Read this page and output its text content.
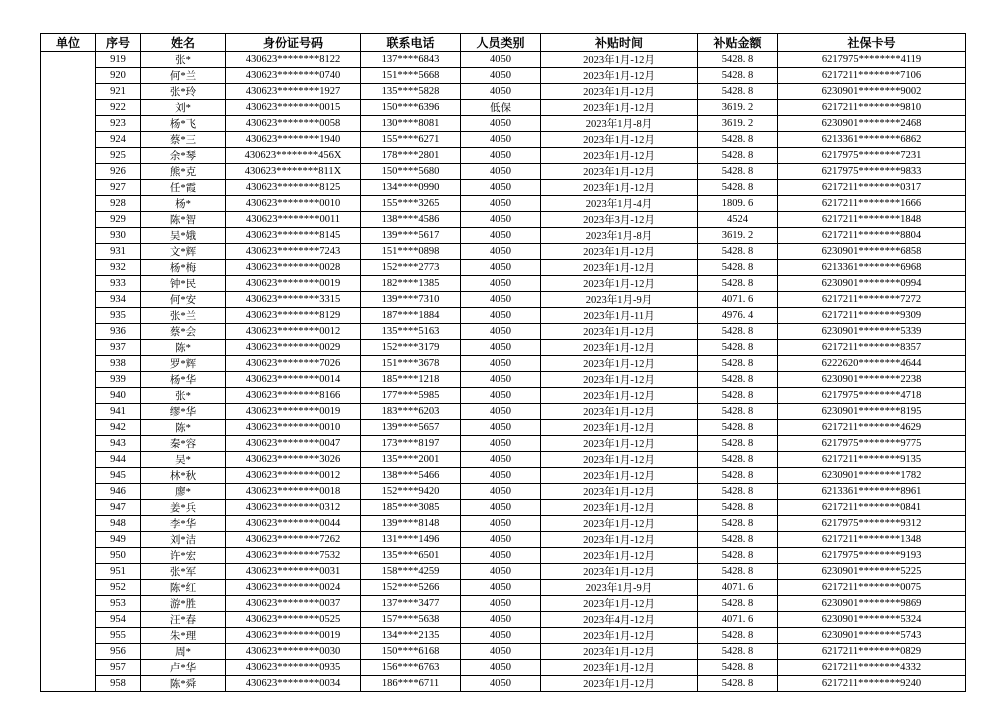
单位	序号	姓名	身份证号码	联系电话	人员类别	补贴时间	补贴金额	社保卡号
	919	张*	430623********8122	137****6843	4050	2023年1月-12月	5428. 8	6217975********4119
	920	何*兰	430623********0740	151****5668	4050	2023年1月-12月	5428. 8	6217211********7106
	921	张*玲	430623********1927	135****5828	4050	2023年1月-12月	5428. 8	6230901********9002
	922	刘*	430623********0015	150****6396	低保	2023年1月-12月	3619. 2	6217211********9810
	923	杨*飞	430623********0058	130****8081	4050	2023年1月-8月	3619. 2	6230901********2468
	924	蔡*三	430623********1940	155****6271	4050	2023年1月-12月	5428. 8	6213361********6862
	925	余*琴	430623********456X	178****2801	4050	2023年1月-12月	5428. 8	6217975********7231
	926	熊*克	430623********811X	150****5680	4050	2023年1月-12月	5428. 8	6217975********9833
	927	任*霞	430623********8125	134****0990	4050	2023年1月-12月	5428. 8	6217211********0317
	928	杨*	430623********0010	155****3265	4050	2023年1月-4月	1809. 6	6217211********1666
	929	陈*智	430623********0011	138****4586	4050	2023年3月-12月	4524	6217211********1848
	930	吴*娥	430623********8145	139****5617	4050	2023年1月-8月	3619. 2	6217211********8804
	931	文*辉	430623********7243	151****0898	4050	2023年1月-12月	5428. 8	6230901********6858
	932	杨*梅	430623********0028	152****2773	4050	2023年1月-12月	5428. 8	6213361********6968
	933	钟*民	430623********0019	182****1385	4050	2023年1月-12月	5428. 8	6230901********0994
	934	何*安	430623********3315	139****7310	4050	2023年1月-9月	4071. 6	6217211********7272
	935	张*兰	430623********8129	187****1884	4050	2023年1月-11月	4976. 4	6217211********9309
	936	蔡*会	430623********0012	135****5163	4050	2023年1月-12月	5428. 8	6230901********5339
	937	陈*	430623********0029	152****3179	4050	2023年1月-12月	5428. 8	6217211********8357
	938	罗*辉	430623********7026	151****3678	4050	2023年1月-12月	5428. 8	6222620********4644
	939	杨*华	430623********0014	185****1218	4050	2023年1月-12月	5428. 8	6230901********2238
	940	张*	430623********8166	177****5985	4050	2023年1月-12月	5428. 8	6217975********4718
	941	缪*华	430623********0019	183****6203	4050	2023年1月-12月	5428. 8	6230901********8195
	942	陈*	430623********0010	139****5657	4050	2023年1月-12月	5428. 8	6217211********4629
	943	秦*容	430623********0047	173****8197	4050	2023年1月-12月	5428. 8	6217975********9775
	944	吴*	430623********3026	135****2001	4050	2023年1月-12月	5428. 8	6217211********9135
	945	林*秋	430623********0012	138****5466	4050	2023年1月-12月	5428. 8	6230901********1782
	946	廖*	430623********0018	152****9420	4050	2023年1月-12月	5428. 8	6213361********8961
	947	姜*兵	430623********0312	185****3085	4050	2023年1月-12月	5428. 8	6217211********0841
	948	李*华	430623********0044	139****8148	4050	2023年1月-12月	5428. 8	6217975********9312
	949	刘*洁	430623********7262	131****1496	4050	2023年1月-12月	5428. 8	6217211********1348
	950	许*宏	430623********7532	135****6501	4050	2023年1月-12月	5428. 8	6217975********9193
	951	张*军	430623********0031	158****4259	4050	2023年1月-12月	5428. 8	6230901********5225
	952	陈*红	430623********0024	152****5266	4050	2023年1月-9月	4071. 6	6217211********0075
	953	游*胜	430623********0037	137****3477	4050	2023年1月-12月	5428. 8	6230901********9869
	954	汪*春	430623********0525	157****5638	4050	2023年4月-12月	4071. 6	6230901********5324
	955	朱*理	430623********0019	134****2135	4050	2023年1月-12月	5428. 8	6230901********5743
	956	周*	430623********0030	150****6168	4050	2023年1月-12月	5428. 8	6217211********0829
	957	卢*华	430623********0935	156****6763	4050	2023年1月-12月	5428. 8	6217211********4332
	958	陈*舜	430623********0034	186****6711	4050	2023年1月-12月	5428. 8	6217211********9240
